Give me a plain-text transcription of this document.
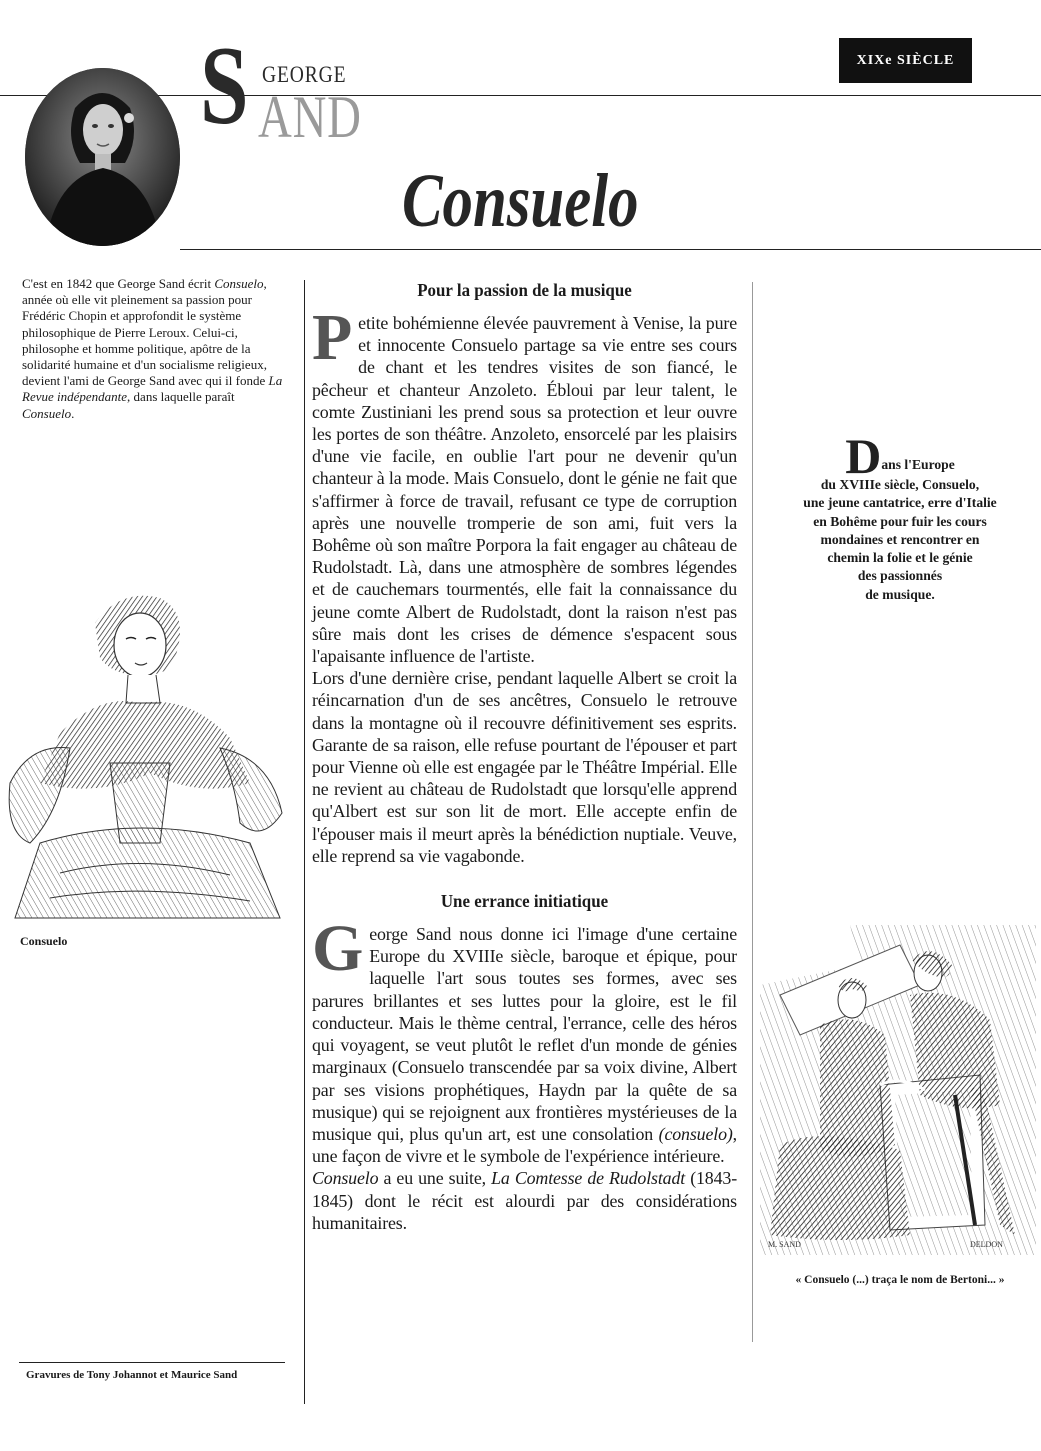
S GEORGE
AND
XIXe SIÈCLE
Consuelo
C'est en 1842 que George Sand écrit Consuelo, année où elle vit pleinement sa passion pour Frédéric Chopin et approfondit le système philosophique de Pierre Leroux. Celui-ci, philosophe et homme politique, apôtre de la solidarité humaine et d'un socialisme religieux, devient l'ami de George Sand avec qui il fonde La Revue indépendante, dans laquelle paraît Consuelo.
Consuelo
Gravures de Tony Johannot et Maurice Sand
Pour la passion de la musique

Petite bohémienne élevée pauvrement à Venise, la pure et innocente Consuelo partage sa vie entre ses cours de chant et les tendres visites de son fiancé, le pêcheur et chanteur Anzoleto. Ébloui par leur talent, le comte Zustiniani les prend sous sa protection et leur ouvre les portes de son théâtre. Anzoleto, ensorcelé par les plaisirs d'une vie facile, en oublie l'art pour ne devenir qu'un chanteur à la mode. Mais Consuelo, dont le génie ne fait que s'affirmer à force de travail, refusant ce type de corruption après une nouvelle tromperie de son ami, fuit vers la Bohême où son maître Porpora la fait engager au château de Rudolstadt. Là, dans une atmosphère de sombres légendes et de cauchemars tourmentés, elle fait la connaissance du jeune comte Albert de Rudolstadt, dont la raison n'est pas sûre mais dont les crises de démence s'espacent sous l'apaisante influence de l'artiste.

Lors d'une dernière crise, pendant laquelle Albert se croit la réincarnation d'un de ses ancêtres, Consuelo le retrouve dans la montagne où il recouvre définitivement ses esprits. Garante de sa raison, elle refuse pourtant de l'épouser et part pour Vienne où elle est engagée par le Théâtre Impérial. Elle ne revient au château de Rudolstadt que lorsqu'elle apprend qu'Albert est sur son lit de mort. Elle accepte enfin de l'épouser mais il meurt après la bénédiction nuptiale. Veuve, elle reprend sa vie vagabonde.

Une errance initiatique

George Sand nous donne ici l'image d'une certaine Europe du XVIIIe siècle, baroque et épique, pour laquelle l'art sous toutes ses formes, avec ses parures brillantes et ses luttes pour la gloire, est le fil conducteur. Mais le thème central, l'errance, celle des héros qui voyagent, se veut plutôt le reflet d'un monde de génies marginaux (Consuelo transcendée par sa voix divine, Albert par ses visions prophétiques, Haydn par la quête de sa musique) qui se rejoignent aux frontières mystérieuses de la musique qui, plus qu'un art, est une consolation (consuelo), une façon de vivre et le symbole de l'expérience intérieure.

Consuelo a eu une suite, La Comtesse de Rudolstadt (1843-1845) dont le récit est alourdi par des considérations humanitaires.

Dans l'Europe
du XVIIIe siècle, Consuelo,
une jeune cantatrice, erre d'Italie
en Bohême pour fuir les cours
mondaines et rencontrer en
chemin la folie et le génie
des passionnés
de musique.
M. SAND	DELDON
« Consuelo (...) traça le nom de Bertoni... »
